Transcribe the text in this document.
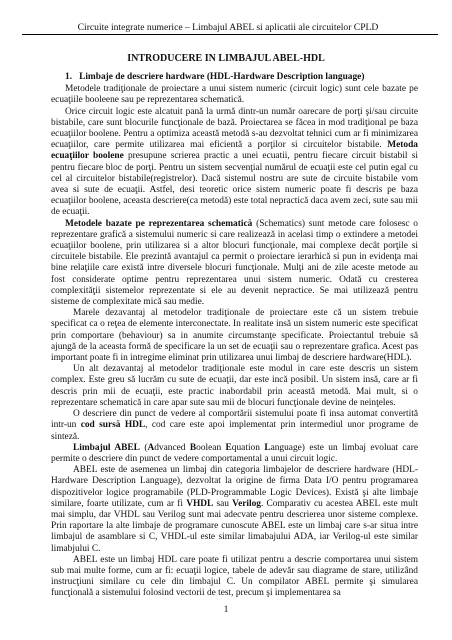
Circuite integrate numerice – Limbajul ABEL si aplicatii ale circuitelor CPLD
INTRODUCERE IN LIMBAJUL ABEL-HDL

1. Limbaje de descriere hardware (HDL-Hardware Description language)

Metodele tradiţionale de proiectare a unui sistem numeric (circuit logic) sunt cele bazate pe ecuaţiile booleene sau pe reprezentarea schematică.

Orice circuit logic este alcatuit pană la urmă dintr-un număr oarecare de porţi şi/sau circuite bistabile, care sunt blocurile funcţionale de bază. Proiectarea se făcea in mod tradiţional pe baza ecuaţiilor boolene. Pentru a optimiza această metodă s-au dezvoltat tehnici cum ar fi minimizarea ecuaţiilor, care permite utilizarea mai eficientă a porţilor si circuitelor bistabile. Metoda ecuaţiilor boolene presupune scrierea practic a unei ecuatii, pentru fiecare circuit bistabil si pentru fiecare bloc de porţi. Pentru un sistem secvenţial numărul de ecuaţii este cel putin egal cu cel al circuitelor bistabile(registrelor). Dacă sistemul nostru are sute de circuite bistabile vom avea si sute de ecuaţii. Astfel, desi teoretic orice sistem numeric poate fi descris pe baza ecuaţiilor boolene, aceasta descriere(ca metodă) este total nepractică daca avem zeci, sute sau mii de ecuaţii.

Metodele bazate pe reprezentarea schematică (Schematics) sunt metode care folosesc o reprezentare grafică a sistemului numeric si care realizează in acelasi timp o extindere a metodei ecuaţiilor boolene, prin utilizarea si a altor blocuri funcţionale, mai complexe decât porţile si circuitele bistabile. Ele prezintă avantajul ca permit o proiectare ierarhică si pun in evidenţa mai bine relaţiile care există intre diversele blocuri funcţionale. Mulţi ani de zile aceste metode au fost considerate optime pentru reprezentarea unui sistem numeric. Odată cu cresterea complexităţii sistemelor reprezentate si ele au devenit nepractice. Se mai utilizează pentru sisteme de complexitate mică sau medie.

Marele dezavantaj al metodelor tradiţionale de proiectare este că un sistem trebuie specificat ca o reţea de elemente interconectate. In realitate insă un sistem numeric este specificat prin comportare (behaviour) sa in anumite circumstanţe specificate. Proiectantul trebuie să ajungă de la aceasta formă de specificare la un set de ecuaţii sau o reprezentare grafica. Acest pas important poate fi in intregime eliminat prin utilizarea unui limbaj de descriere hardware(HDL).

Un alt dezavantaj al metodelor tradiţionale este modul in care este descris un sistem complex. Este greu să lucrăm cu sute de ecuaţii, dar este incă posibil. Un sistem insă, care ar fi descris prin mii de ecuaţii, este practic inabordabil prin această metodă. Mai mult, si o reprezentare schematică in care apar sute sau mii de blocuri funcţionale devine de neinţeles.

O descriere din punct de vedere al comportării sistemului poate fi insa automat convertită intr-un cod sursă HDL, cod care este apoi implementat prin intermediul unor programe de sinteză.

Limbajul ABEL (Advanced Boolean Equation Language) este un limbaj evoluat care permite o descriere din punct de vedere comportamental a unui circuit logic.

ABEL este de asemenea un limbaj din categoria limbajelor de descriere hardware (HDL-Hardware Description Language), dezvoltat la origine de firma Data I/O pentru programarea dispozitivelor logice programabile (PLD-Programmable Logic Devices). Există şi alte limbaje similare, foarte utilizate, cum ar fi VHDL sau Verilog. Comparativ cu acestea ABEL este mult mai simplu, dar VHDL sau Verilog sunt mai adecvate pentru descrierea unor sisteme complexe. Prin raportare la alte limbaje de programare cunoscute ABEL este un limbaj care s-ar situa intre limbajul de asamblare si C, VHDL-ul este similar limabajului ADA, iar Verilog-ul este similar limabjului C.

ABEL este un limbaj HDL care poate fi utilizat pentru a descrie comportarea unui sistem sub mai multe forme, cum ar fi: ecuaţii logice, tabele de adevăr sau diagrame de stare, utilizând instrucţiuni similare cu cele din limbajul C. Un compilator ABEL permite şi simularea funcţională a sistemului folosind vectorii de test, precum şi implementarea sa

1
